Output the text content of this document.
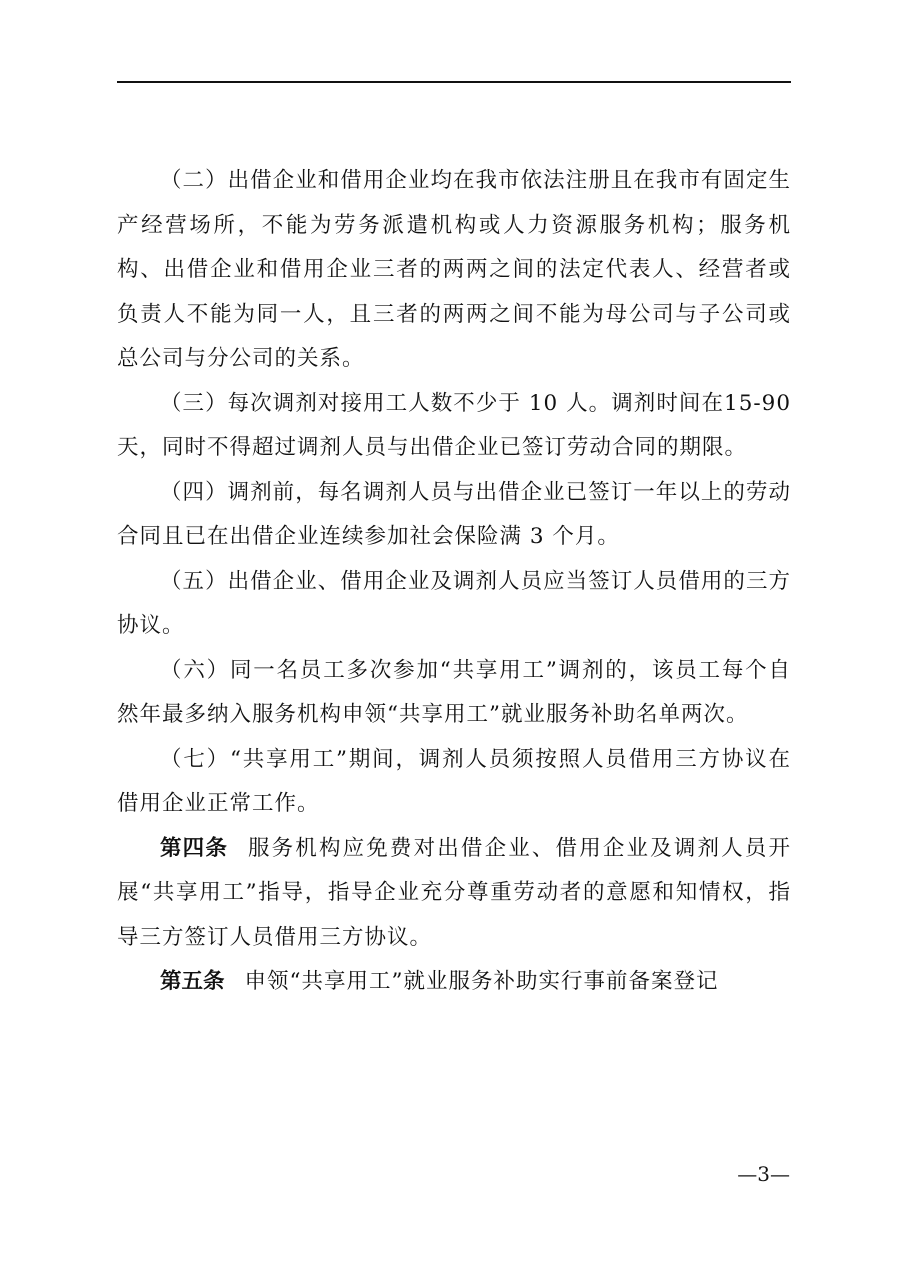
（二）出借企业和借用企业均在我市依法注册且在我市有固定生产经营场所，不能为劳务派遣机构或人力资源服务机构；服务机构、出借企业和借用企业三者的两两之间的法定代表人、经营者或负责人不能为同一人，且三者的两两之间不能为母公司与子公司或总公司与分公司的关系。

（三）每次调剂对接用工人数不少于 10 人。调剂时间在15-90 天，同时不得超过调剂人员与出借企业已签订劳动合同的期限。

（四）调剂前，每名调剂人员与出借企业已签订一年以上的劳动合同且已在出借企业连续参加社会保险满 3 个月。

（五）出借企业、借用企业及调剂人员应当签订人员借用的三方协议。

（六）同一名员工多次参加“共享用工”调剂的，该员工每个自然年最多纳入服务机构申领“共享用工”就业服务补助名单两次。

（七）“共享用工”期间，调剂人员须按照人员借用三方协议在借用企业正常工作。

第四条 服务机构应免费对出借企业、借用企业及调剂人员开展“共享用工”指导，指导企业充分尊重劳动者的意愿和知情权，指导三方签订人员借用三方协议。

第五条 申领“共享用工”就业服务补助实行事前备案登记

—3—
